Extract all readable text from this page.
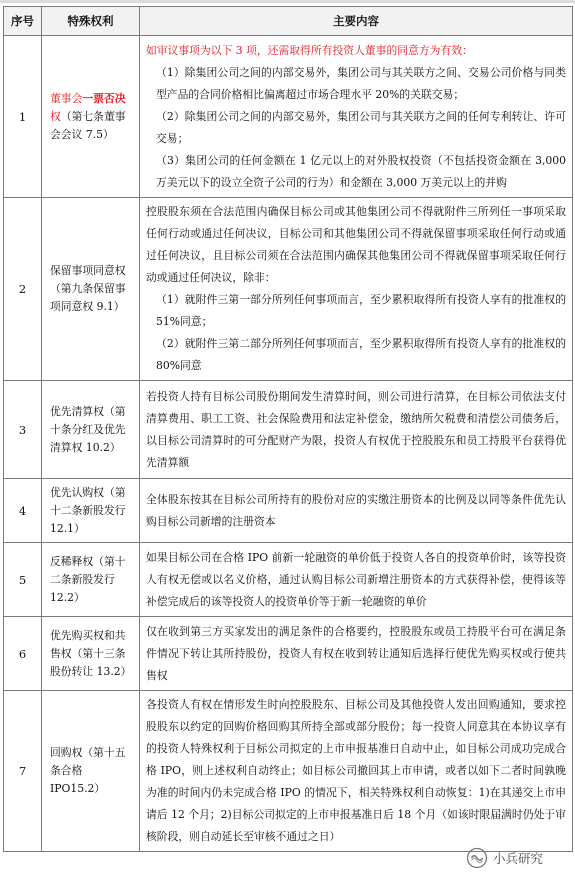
序号	特殊权利	主要内容
1	董事会一票否决权（第七条董事会会议 7.5）	如审议事项为以下 3 项，还需取得所有投资人董事的同意方为有效：
（1）除集团公司之间的内部交易外，集团公司与其关联方之间、交易公司价格与同类型产品的合同价格相比偏离超过市场合理水平 20%的关联交易；
（2）除集团公司之间的内部交易外，集团公司与其关联方之间的任何专利转让、许可交易；
（3）集团公司的任何金额在 1 亿元以上的对外股权投资（不包括投资金额在 3,000 万美元以下的设立全资子公司的行为）和金额在 3,000 万美元以上的并购

2	保留事项同意权（第九条保留事项同意权 9.1）	控股股东须在合法范围内确保目标公司或其他集团公司不得就附件三所列任一事项采取任何行动或通过任何决议，目标公司和其他集团公司不得就保留事项采取任何行动或通过任何决议，且目标公司须在合法范围内确保其他集团公司不得就保留事项采取任何行动或通过任何决议，除非：
（1）就附件三第一部分所列任何事项而言，至少累积取得所有投资人享有的批准权的 51%同意；
（2）就附件三第二部分所列任何事项而言，至少累积取得所有投资人享有的批准权的 80%同意

3	优先清算权（第十条分红及优先清算权 10.2）	若投资人持有目标公司股份期间发生清算时间，则公司进行清算，在目标公司依法支付清算费用、职工工资、社会保险费用和法定补偿金，缴纳所欠税费和清偿公司债务后，以目标公司清算时的可分配财产为限，投资人有权优于控股股东和员工持股平台获得优先清算额
4	优先认购权（第十二条新股发行 12.1）	全体股东按其在目标公司所持有的股份对应的实缴注册资本的比例及以同等条件优先认购目标公司新增的注册资本
5	反稀释权（第十二条新股发行 12.2）	如果目标公司在合格 IPO 前新一轮融资的单价低于投资人各自的投资单价时，该等投资人有权无偿或以名义价格，通过认购目标公司新增注册资本的方式获得补偿，使得该等补偿完成后的该等投资人的投资单价等于新一轮融资的单价
6	优先购买权和共售权（第十三条股份转让 13.2）	仅在收到第三方买家发出的满足条件的合格要约，控股股东或员工持股平台可在满足条件情况下转让其所持股份，投资人有权在收到转让通知后选择行使优先购买权或行使共售权
7	回购权（第十五条合格 IPO15.2）	各投资人有权在情形发生时向控股股东、目标公司及其他投资人发出回购通知，要求控股股东以约定的回购价格回购其所持全部或部分股份；每一投资人同意其在本协议享有的投资人特殊权利于目标公司拟定的上市申报基准日自动中止，如目标公司成功完成合格 IPO，则上述权利自动终止；如目标公司撤回其上市申请，或者以如下二者时间孰晚为准的时间内仍未完成合格 IPO 的情况下，相关特殊权利自动恢复：1)在其递交上市申请后 12 个月；2)目标公司拟定的上市申报基准日后 18 个月（如该时限届满时仍处于审核阶段，则自动延长至审核不通过之日）
小兵研究
